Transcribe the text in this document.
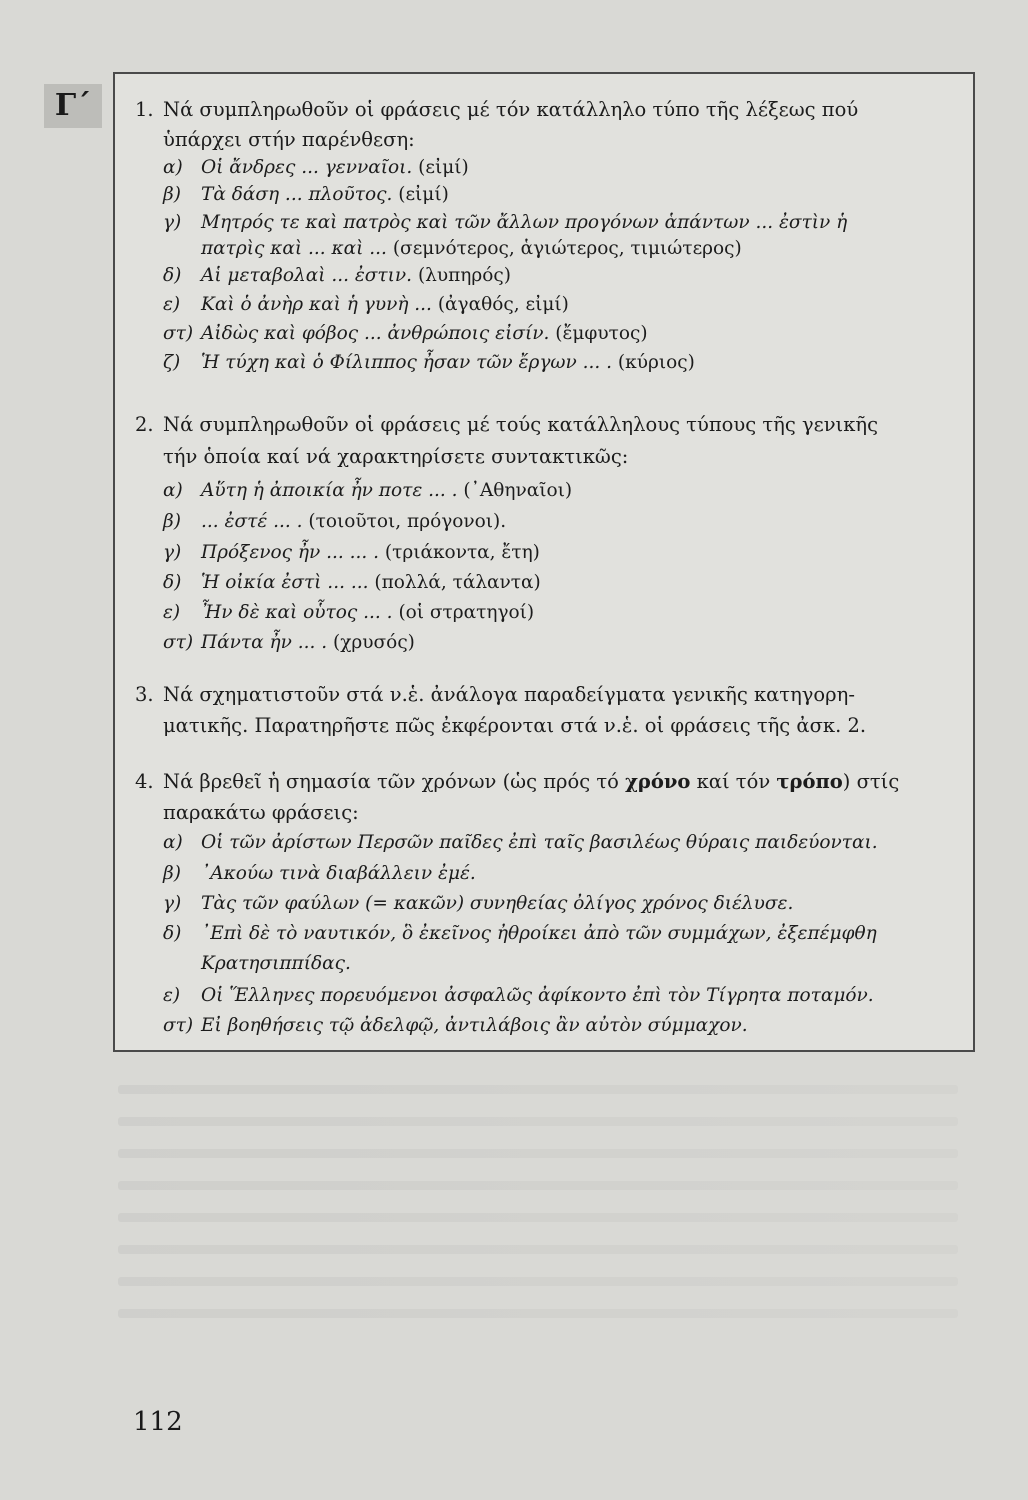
Γ΄	1. Νά συμπληρωθοῦν οἱ φράσεις μέ τόν κατάλληλο τύπο τῆς λέξεως πού
ὑπάρχει στήν παρένθεση:
α) Οἱ ἄνδρες ... γενναῖοι. (εἰμί)
β) Τὰ δάση ... πλοῦτος. (εἰμί)
γ) Μητρός τε καὶ πατρὸς καὶ τῶν ἄλλων προγόνων ἁπάντων ... ἐστὶν ἡ
πατρὶς καὶ ... καὶ ... (σεμνότερος, ἁγιώτερος, τιμιώτερος)
δ) Αἱ μεταβολαὶ ... ἐστιν. (λυπηρός)
ε) Καὶ ὁ ἀνὴρ καὶ ἡ γυνὴ ... (ἀγαθός, εἰμί)
στ) Αἰδὼς καὶ φόβος ... ἀνθρώποις εἰσίν. (ἔμφυτος)
ζ) Ἡ τύχη καὶ ὁ Φίλιππος ἦσαν τῶν ἔργων ... . (κύριος)
2. Νά συμπληρωθοῦν οἱ φράσεις μέ τούς κατάλληλους τύπους τῆς γενικῆς
τήν ὁποία καί νά χαρακτηρίσετε συντακτικῶς:
α) Αὕτη ἡ ἀποικία ἦν ποτε ... . (᾿Αθηναῖοι)
β) ... ἐστέ ... . (τοιοῦτοι, πρόγονοι).
γ) Πρόξενος ἦν ... ... . (τριάκοντα, ἔτη)
δ) Ἡ οἰκία ἐστὶ ... ... (πολλά, τάλαντα)
ε) Ἦν δὲ καὶ οὗτος ... . (οἱ στρατηγοί)
στ) Πάντα ἦν ... . (χρυσός)
3. Νά σχηματιστοῦν στά ν.ἑ. ἀνάλογα παραδείγματα γενικῆς κατηγορη-
ματικῆς. Παρατηρῆστε πῶς ἐκφέρονται στά ν.ἑ. οἱ φράσεις τῆς ἀσκ. 2.
4. Νά βρεθεῖ ἡ σημασία τῶν χρόνων (ὡς πρός τό χρόνο καί τόν τρόπο) στίς
παρακάτω φράσεις:
α) Οἱ τῶν ἀρίστων Περσῶν παῖδες ἐπὶ ταῖς βασιλέως θύραις παιδεύονται.
β) ᾿Ακούω τινὰ διαβάλλειν ἐμέ.
γ) Τὰς τῶν φαύλων (= κακῶν) συνηθείας ὀλίγος χρόνος διέλυσε.
δ) ᾿Επὶ δὲ τὸ ναυτικόν, ὃ ἐκεῖνος ἠθροίκει ἀπὸ τῶν συμμάχων, ἐξεπέμφθη
Κρατησιππίδας.
ε) Οἱ Ἕλληνες πορευόμενοι ἀσφαλῶς ἀφίκοντο ἐπὶ τὸν Τίγρητα ποταμόν.
στ) Εἰ βοηθήσεις τῷ ἀδελφῷ, ἀντιλάβοις ἂν αὐτὸν σύμμαχον.
112
